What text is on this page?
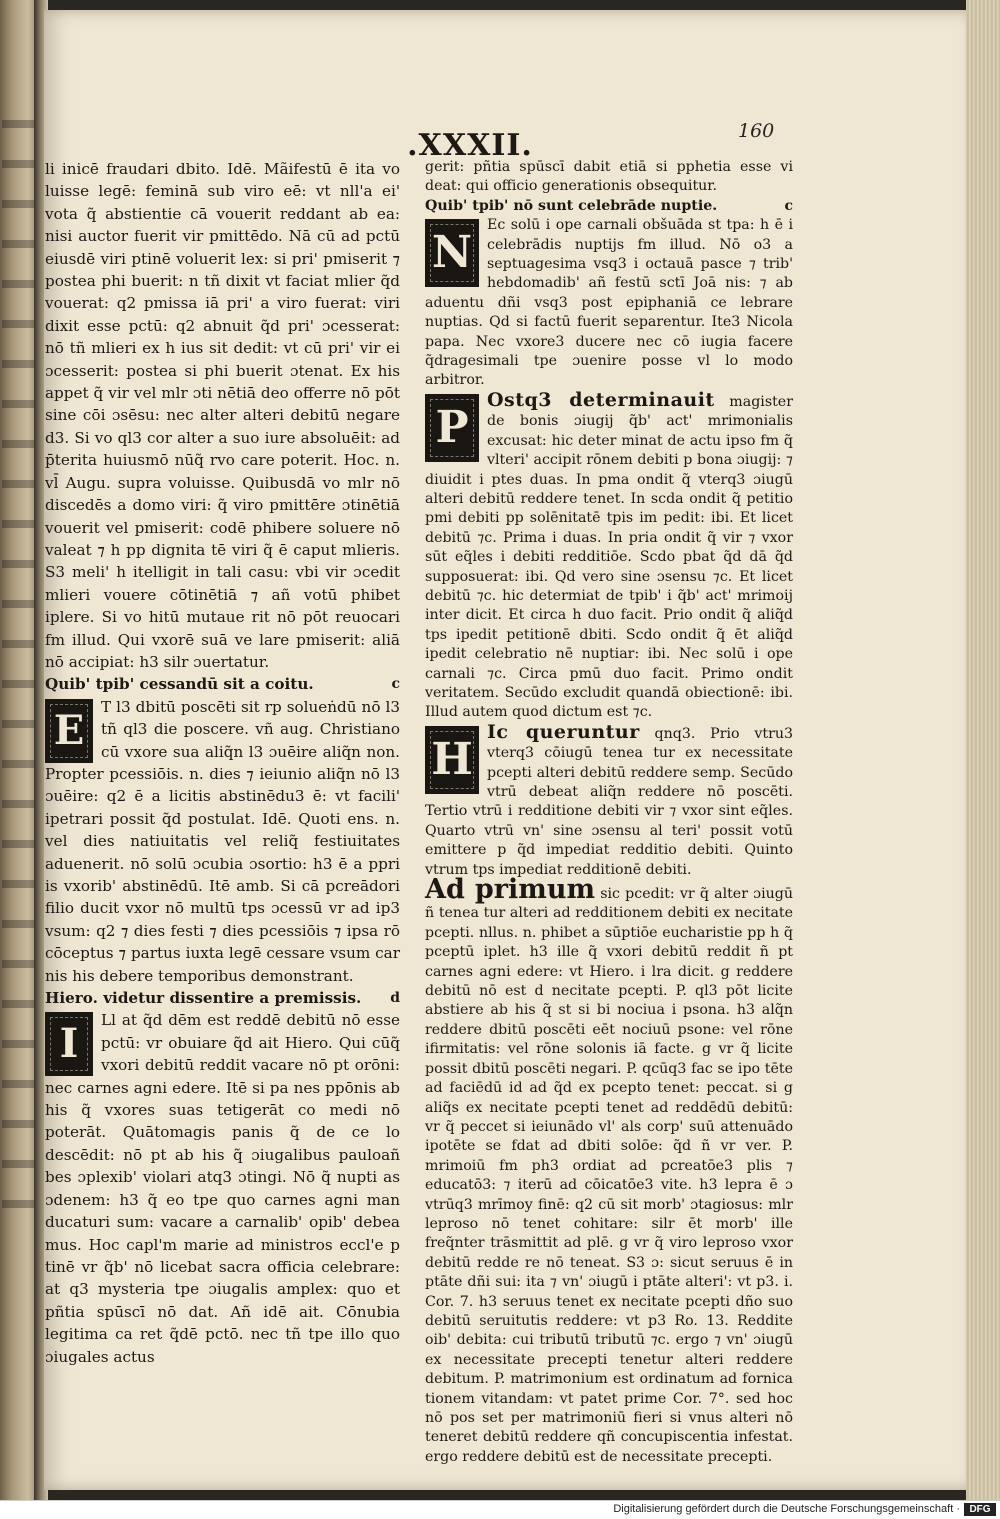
.XXXII.	160

li inicē fraudari dbito. Idē. Mãifestū ē ita vo luisse legē: feminā sub viro eē: vt nll'a ei' vota q̃ abstientie cā vouerit reddant ab ea: nisi auctor fuerit vir pmittēdo. Nā cū ad pctū eiusdē viri ptinē voluerit lex: si pri' pmiserit ⁊ postea phi buerit: n tñ dixit vt faciat mlier q̃d vouerat: q2 pmissa iā pri' a viro fuerat: viri dixit esse pctū: q2 abnuit q̃d pri' ɔcesserat: nō tñ mlieri ex h ius sit dedit: vt cū pri' vir ei ɔcesserit: postea si phi buerit ɔtenat. Ex his appet q̃ vir vel mlr ɔti nētiā deo offerre nō pōt sine cōi ɔsēsu: nec alter alteri debitū negare d3. Si vo ql3 cor alter a suo iure absoluēit: ad p̄terita huiusmō nūq̃ rvo care poterit. Hoc. n. vl̄ Augu. supra voluisse. Quibusdā vo mlr nō discedēs a domo viri: q̃ viro pmittēre ɔtinētiā vouerit vel pmiserit: codē phibere soluere nō valeat ⁊ h pp dignita tē viri q̃ ē caput mlieris. S3 meli' h itelligit in tali casu: vbi vir ɔcedit mlieri vouere cōtinētiā ⁊ añ votū phibet iplere. Si vo hitū mutaue rit nō pōt reuocari fm illud. Qui vxorē suā ve lare pmiserit: aliā nō accipiat: h3 silr ɔuertatur.

Quib' tpib' cessandū sit a coitu.	c

E	T l3 dbitū poscēti sit rp solueṅdū nō l3 tñ ql3 die poscere. vñ aug. Christiano cū vxore sua aliq̃n l3 ɔuēire aliq̃n non. Propter pcessiōis. n. dies ⁊ ieiunio aliq̃n nō l3 ɔuēire: q2 ē a licitis abstinēdu3 ē: vt facili' ipetrari possit q̃d postulat. Idē. Quoti ens. n. vel dies natiuitatis vel reliq̃ festiuitates aduenerit. nō solū ɔcubia ɔsortio: h3 ē a ppri is vxorib' abstinēdū. Itē amb. Si cā pcreādori filio ducit vxor nō multū tps ɔcessū vr ad ip3 vsum: q2 ⁊ dies festi ⁊ dies pcessiōis ⁊ ipsa rō cōceptus ⁊ partus iuxta legē cessare vsum car nis his debere temporibus demonstrant.

Hiero. videtur dissentire a premissis. d

I	Ll at q̃d dēm est reddē debitū nō esse pctū: vr obuiare q̃d ait Hiero. Qui cūq̃ vxori debitū reddit vacare nō pt orōni: nec carnes agni edere. Itē si pa nes ppōnis ab his q̃ vxores suas tetigerāt co medi nō poterāt. Quātomagis panis q̃ de ce lo descēdit: nō pt ab his q̃ ɔiugalibus pauloañ bes ɔplexib' violari atq3 ɔtingi. Nō q̃ nupti as ɔdenem: h3 q̃ eo tpe quo carnes agni man ducaturi sum: vacare a carnalib' opib' debea mus. Hoc capl'm marie ad ministros eccl'e p tinē vr q̃b' nō licebat sacra officia celebrare: at q3 mysteria tpe ɔiugalis amplex: quo et pñtia spūscī nō dat. Añ idē ait. Cōnubia legitima ca ret q̃dē pctō. nec tñ tpe illo quo ɔiugales actus

gerit: pñtia spūscī dabit etiā si pphetia esse vi deat: qui officio generationis obsequitur.

Quib' tpib' nō sunt celebrāde nuptie.	c

N

Ec solū i ope carnali obšuāda st tpa: h ē i celebrādis nuptijs fm illud. Nō o3 a septuagesima vsq3 i octauā pasce ⁊ trib' hebdomadib' añ festū sctī Joā nis: ⁊ ab aduentu dñi vsq3 post epiphaniā ce lebrare nuptias. Qd si factū fuerit separentur. Ite3 Nicola papa. Nec vxore3 ducere nec cō iugia facere q̃dragesimali tpe ɔuenire posse vl lo modo arbitror.

P

Ostq3 determinauit magister de bonis ɔiugij q̃b' act' mrimonialis excusat: hic deter minat de actu ipso fm q̃ vlteri' accipit rōnem debiti p bona ɔiugij: ⁊ diuidit i ptes duas. In pma ondit q̃ vterq3 ɔiugū alteri debitū reddere tenet. In scda ondit q̃ petitio pmi debiti pp solēnitatē tpis im pedit: ibi. Et licet debitū ⁊c. Prima i duas. In pria ondit q̃ vir ⁊ vxor sūt eq̃les i debiti redditiōe. Scdo pbat q̃d dā q̃d supposuerat: ibi. Qd vero sine ɔsensu ⁊c. Et licet debitū ⁊c. hic determiat de tpib' i q̃b' act' mrimoij inter dicit. Et circa h duo facit. Prio ondit q̃ aliq̃d tps ipedit petitionē dbiti. Scdo ondit q̃ ēt aliq̃d ipedit celebratio nē nuptiar: ibi. Nec solū i ope carnali ⁊c. Circa pmū duo facit. Primo ondit veritatem. Secūdo excludit quandā obiectionē: ibi. Illud autem quod dictum est ⁊c.

H

Ic queruntur qnq3. Prio vtru3 vterq3 cōiugū tenea tur ex necessitate pcepti alteri debitū reddere semp. Secūdo vtrū debeat aliq̃n reddere nō poscēti. Tertio vtrū i redditione debiti vir ⁊ vxor sint eq̃les. Quarto vtrū vn' sine ɔsensu al teri' possit votū emittere p q̃d impediat redditio debiti. Quinto vtrum tps impediat redditionē debiti.

Ad primum sic pcedit: vr q̃ alter ɔiugū ñ tenea tur alteri ad redditionem debiti ex necitate pcepti. nllus. n. phibet a sūptiōe eucharistie pp h q̃ pceptū iplet. h3 ille q̃ vxori debitū reddit ñ pt carnes agni edere: vt Hiero. i lra dicit. g reddere debitū nō est d necitate pcepti. P. ql3 pōt licite abstiere ab his q̃ st si bi nociua i psona. h3 alq̃n reddere dbitū poscēti eēt nociuū psone: vel rōne ifirmitatis: vel rōne solonis iā facte. g vr q̃ licite possit dbitū poscēti negari. P. qcūq3 fac se ipo tēte ad faciēdū id ad q̃d ex pcepto tenet: peccat. si g aliq̃s ex necitate pcepti tenet ad reddēdū debitū: vr q̃ peccet si ieiunādo vl' als corp' suū attenuādo ipotēte se fdat ad dbiti solōe: q̃d ñ vr ver. P. mrimoiū fm ph3 ordiat ad pcreatōe3 plis ⁊ educatō3: ⁊ iterū ad cōicatōe3 vite. h3 lepra ē ɔ vtrūq3 mrīmoy finē: q2 cū sit morb' ɔtagiosus: mlr leproso nō tenet cohitare: silr ēt morb' ille freq̃nter trāsmittit ad plē. g vr q̃ viro leproso vxor debitū redde re nō teneat. S3 ɔ: sicut seruus ē in ptāte dñi sui: ita ⁊ vn' ɔiugū i ptāte alteri': vt p3. i. Cor. 7. h3 seruus tenet ex necitate pcepti dño suo debitū seruitutis reddere: vt p3 Ro. 13. Reddite oib' debita: cui tributū tributū ⁊c. ergo ⁊ vn' ɔiugū ex necessitate precepti tenetur alteri reddere debitum. P. matrimonium est ordinatum ad fornica tionem vitandam: vt patet prime Cor. 7°. sed hoc nō pos set per matrimoniū fieri si vnus alteri nō teneret debitū reddere qñ concupiscentia infestat. ergo reddere debitū est de necessitate precepti.

Digitalisierung gefördert durch die Deutsche Forschungsgemeinschaft · DFG
